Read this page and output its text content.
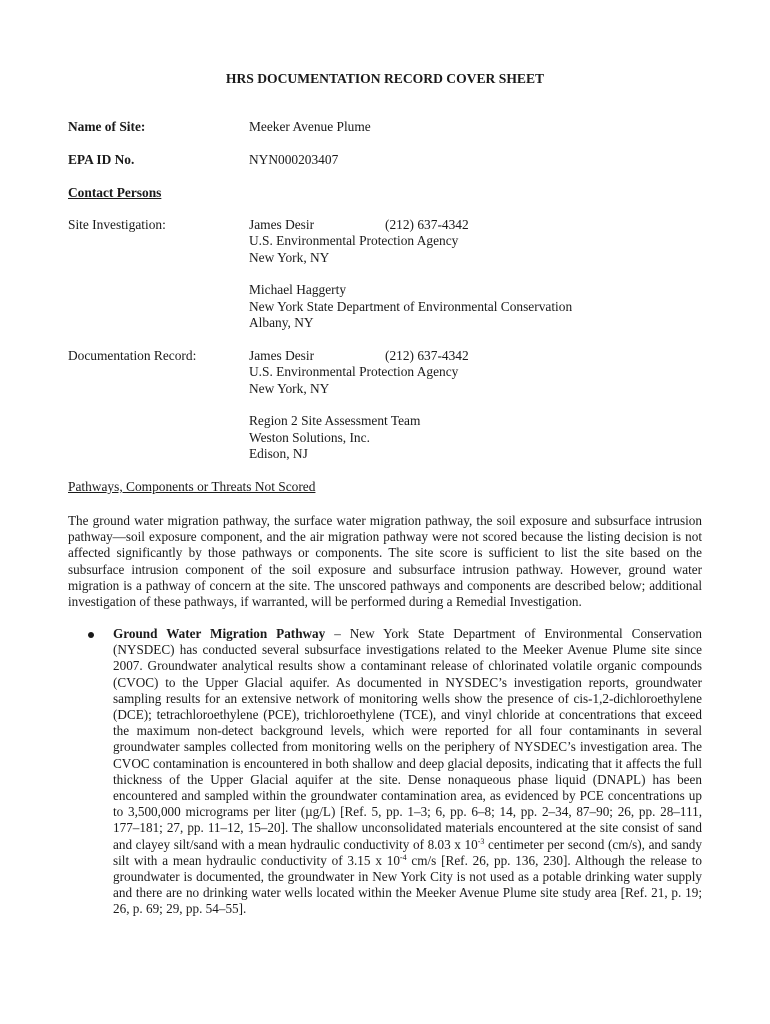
HRS DOCUMENTATION RECORD COVER SHEET
Name of Site:	Meeker Avenue Plume
EPA ID No.	NYN000203407
Contact Persons
Site Investigation:	James Desir	(212) 637-4342
U.S. Environmental Protection Agency
New York, NY
Michael Haggerty
New York State Department of Environmental Conservation
Albany, NY
Documentation Record:	James Desir	(212) 637-4342
U.S. Environmental Protection Agency
New York, NY
Region 2 Site Assessment Team
Weston Solutions, Inc.
Edison, NJ
Pathways, Components or Threats Not Scored
The ground water migration pathway, the surface water migration pathway, the soil exposure and subsurface intrusion pathway—soil exposure component, and the air migration pathway were not scored because the listing decision is not affected significantly by those pathways or components. The site score is sufficient to list the site based on the subsurface intrusion component of the soil exposure and subsurface intrusion pathway. However, ground water migration is a pathway of concern at the site. The unscored pathways and components are described below; additional investigation of these pathways, if warranted, will be performed during a Remedial Investigation.
Ground Water Migration Pathway – New York State Department of Environmental Conservation (NYSDEC) has conducted several subsurface investigations related to the Meeker Avenue Plume site since 2007. Groundwater analytical results show a contaminant release of chlorinated volatile organic compounds (CVOC) to the Upper Glacial aquifer. As documented in NYSDEC’s investigation reports, groundwater sampling results for an extensive network of monitoring wells show the presence of cis-1,2-dichloroethylene (DCE); tetrachloroethylene (PCE), trichloroethylene (TCE), and vinyl chloride at concentrations that exceed the maximum non-detect background levels, which were reported for all four contaminants in several groundwater samples collected from monitoring wells on the periphery of NYSDEC’s investigation area. The CVOC contamination is encountered in both shallow and deep glacial deposits, indicating that it affects the full thickness of the Upper Glacial aquifer at the site. Dense nonaqueous phase liquid (DNAPL) has been encountered and sampled within the groundwater contamination area, as evidenced by PCE concentrations up to 3,500,000 micrograms per liter (µg/L) [Ref. 5, pp. 1–3; 6, pp. 6–8; 14, pp. 2–34, 87–90; 26, pp. 28–111, 177–181; 27, pp. 11–12, 15–20]. The shallow unconsolidated materials encountered at the site consist of sand and clayey silt/sand with a mean hydraulic conductivity of 8.03 x $10^{-3}$ centimeter per second (cm/s), and sandy silt with a mean hydraulic conductivity of 3.15 x $10^{-4}$ cm/s [Ref. 26, pp. 136, 230]. Although the release to groundwater is documented, the groundwater in New York City is not used as a potable drinking water supply and there are no drinking water wells located within the Meeker Avenue Plume site study area [Ref. 21, p. 19; 26, p. 69; 29, pp. 54–55].
